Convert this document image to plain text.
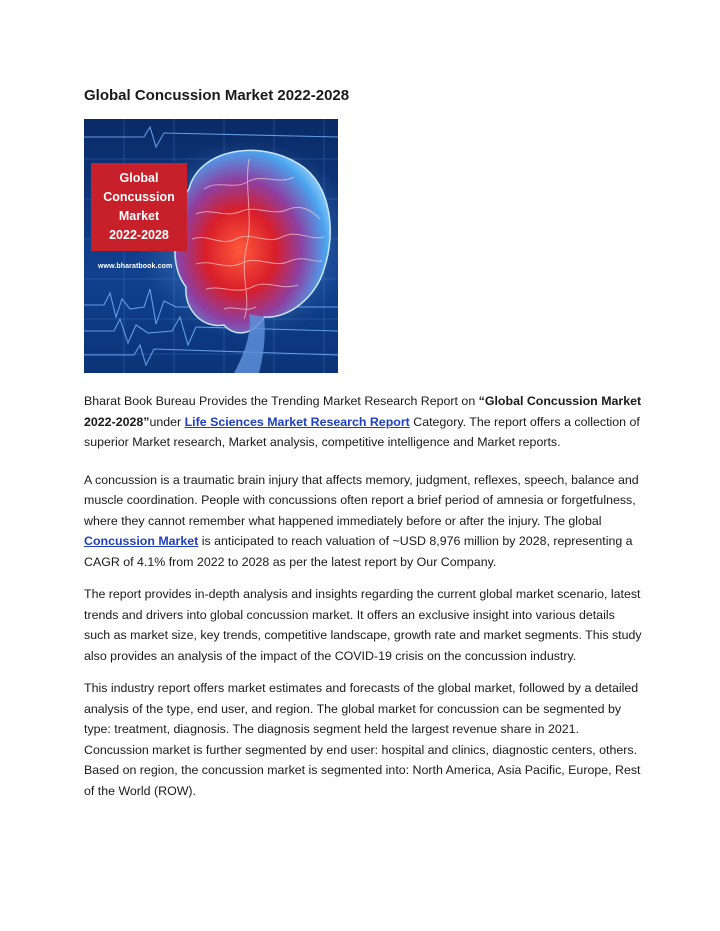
Global Concussion Market 2022-2028
Global
Concussion
Market
2022-2028
www.bharatbook.com

Bharat Book Bureau Provides the Trending Market Research Report on “Global Concussion Market 2022-2028”under Life Sciences Market Research Report Category. The report offers a collection of superior Market research, Market analysis, competitive intelligence and Market reports.

A concussion is a traumatic brain injury that affects memory, judgment, reflexes, speech, balance and muscle coordination. People with concussions often report a brief period of amnesia or forgetfulness, where they cannot remember what happened immediately before or after the injury. The global Concussion Market is anticipated to reach valuation of ~USD 8,976 million by 2028, representing a CAGR of 4.1% from 2022 to 2028 as per the latest report by Our Company.

The report provides in-depth analysis and insights regarding the current global market scenario, latest trends and drivers into global concussion market. It offers an exclusive insight into various details such as market size, key trends, competitive landscape, growth rate and market segments. This study also provides an analysis of the impact of the COVID-19 crisis on the concussion industry.

This industry report offers market estimates and forecasts of the global market, followed by a detailed analysis of the type, end user, and region. The global market for concussion can be segmented by type: treatment, diagnosis. The diagnosis segment held the largest revenue share in 2021. Concussion market is further segmented by end user: hospital and clinics, diagnostic centers, others. Based on region, the concussion market is segmented into: North America, Asia Pacific, Europe, Rest of the World (ROW).
